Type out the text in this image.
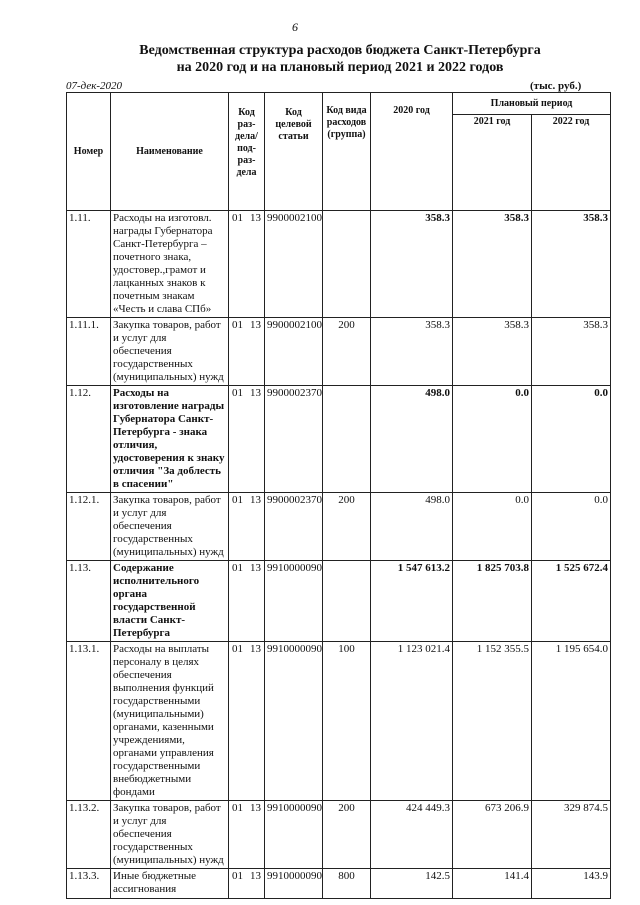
6
Ведомственная структура расходов бюджета Санкт-Петербурга
на 2020 год и на плановый период 2021 и 2022 годов
07-дек-2020	(тыс. руб.)
Номер	Наименование	Код раз-дела/ под-раз-дела	Код целевой статьи	Код вида расходов (группа)	2020 год	Плановый период	
						2021 год	2022 год
1.11.	Расходы на изготовл. награды Губернатора Санкт-Петербурга – почетного знака, удостовер.,грамот и лацканных знаков к почетным знакам «Честь и слава СПб»	01 13	9900002100		358.3	358.3	358.3
1.11.1.	Закупка товаров, работ и услуг для обеспечения государственных (муниципальных) нужд	01 13	9900002100	200	358.3	358.3	358.3
1.12.	Расходы на изготовление награды Губернатора Санкт-Петербурга - знака отличия, удостоверения к знаку отличия "За доблесть в спасении"	01 13	9900002370		498.0	0.0	0.0
1.12.1.	Закупка товаров, работ и услуг для обеспечения государственных (муниципальных) нужд	01 13	9900002370	200	498.0	0.0	0.0
1.13.	Содержание исполнительного органа государственной власти Санкт-Петербурга	01 13	9910000090		1 547 613.2	1 825 703.8	1 525 672.4
1.13.1.	Расходы на выплаты персоналу в целях обеспечения выполнения функций государственными (муниципальными) органами, казенными учреждениями, органами управления государственными внебюджетными фондами	01 13	9910000090	100	1 123 021.4	1 152 355.5	1 195 654.0
1.13.2.	Закупка товаров, работ и услуг для обеспечения государственных (муниципальных) нужд	01 13	9910000090	200	424 449.3	673 206.9	329 874.5
1.13.3.	Иные бюджетные ассигнования	01 13	9910000090	800	142.5	141.4	143.9
